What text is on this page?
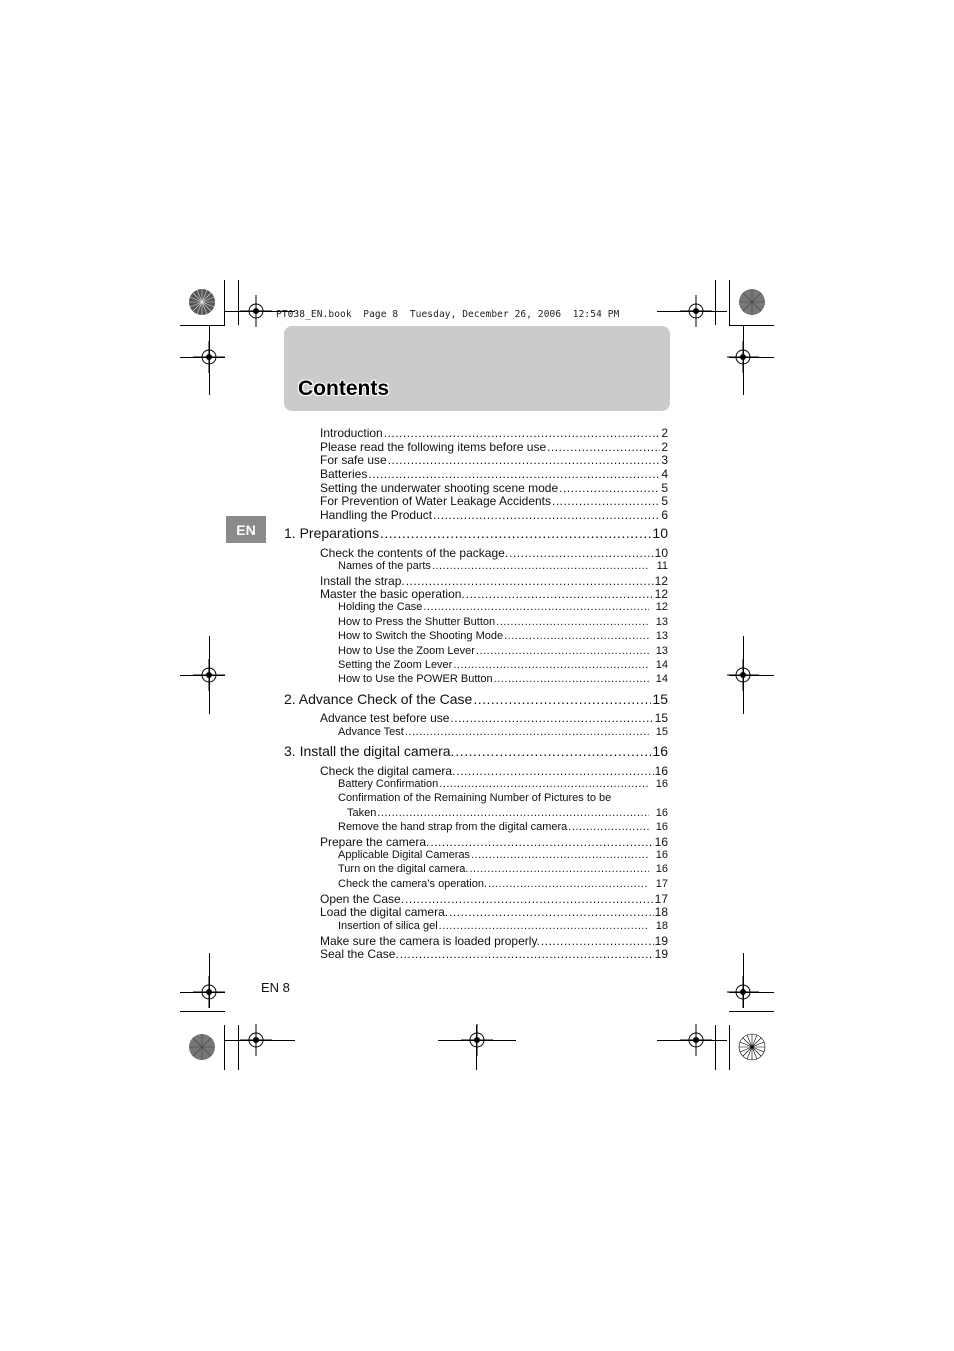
PT038_EN.book  Page 8  Tuesday, December 26, 2006  12:54 PM
Contents
EN
Introduction .....	2
Please read the following items before use .....	2
For safe use .....	3
Batteries .....	4
Setting the underwater shooting scene mode .....	5
For Prevention of Water Leakage Accidents .....	5
Handling the Product .....	6
1. Preparations .....	10
Check the contents of the package. .....	10
Names of the parts .....	11
Install the strap. .....	12
Master the basic operation. .....	12
Holding the Case .....	12
How to Press the Shutter Button .....	13
How to Switch the Shooting Mode .....	13
How to Use the Zoom Lever .....	13
Setting the Zoom Lever .....	14
How to Use the POWER Button .....	14
2. Advance Check of the Case .....	15
Advance test before use .....	15
Advance Test .....	15
3. Install the digital camera. .....	16
Check the digital camera. .....	16
Battery Confirmation .....	16
Confirmation of the Remaining Number of Pictures to be
Taken .....	16
Remove the hand strap from the digital camera .....	16
Prepare the camera. .....	16
Applicable Digital Cameras .....	16
Turn on the digital camera. .....	16
Check the camera’s operation. .....	17
Open the Case. .....	17
Load the digital camera. .....	18
Insertion of silica gel .....	18
Make sure the camera is loaded properly. .....	19
Seal the Case. .....	19
EN 8
